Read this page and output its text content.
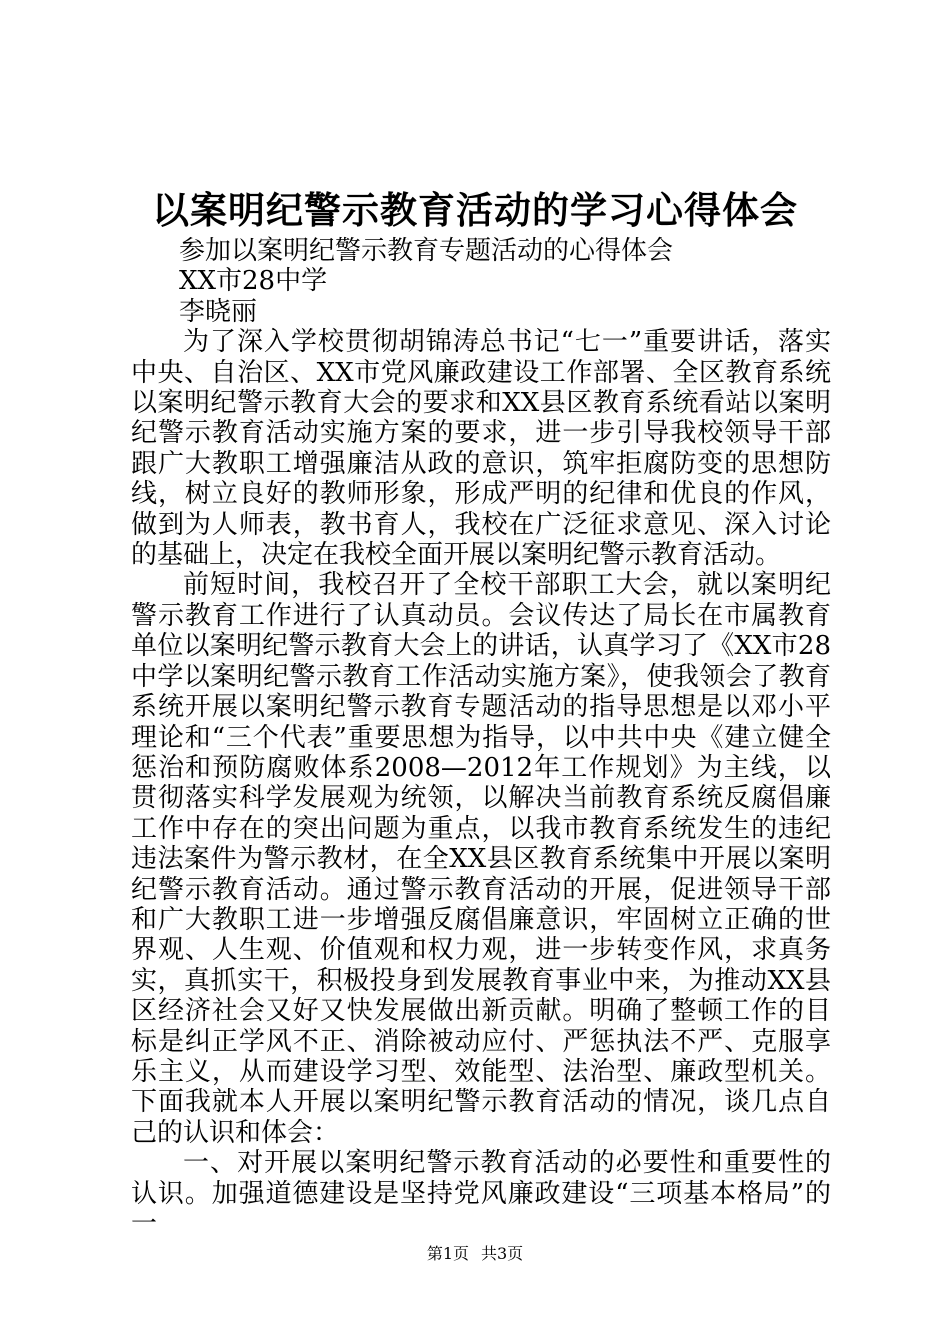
以案明纪警示教育活动的学习心得体会

参加以案明纪警示教育专题活动的心得体会

XX市28中学

李晓丽

为了深入学校贯彻胡锦涛总书记“七一”重要讲话，落实中央、自治区、XX市党风廉政建设工作部署、全区教育系统以案明纪警示教育大会的要求和XX县区教育系统看站以案明纪警示教育活动实施方案的要求，进一步引导我校领导干部跟广大教职工增强廉洁从政的意识，筑牢拒腐防变的思想防线，树立良好的教师形象，形成严明的纪律和优良的作风，做到为人师表，教书育人，我校在广泛征求意见、深入讨论的基础上，决定在我校全面开展以案明纪警示教育活动。

前短时间，我校召开了全校干部职工大会，就以案明纪警示教育工作进行了认真动员。会议传达了局长在市属教育单位以案明纪警示教育大会上的讲话，认真学习了《XX市28中学以案明纪警示教育工作活动实施方案》，使我领会了教育系统开展以案明纪警示教育专题活动的指导思想是以邓小平理论和“三个代表”重要思想为指导，以中共中央《建立健全惩治和预防腐败体系2008—2012年工作规划》为主线，以贯彻落实科学发展观为统领，以解决当前教育系统反腐倡廉工作中存在的突出问题为重点，以我市教育系统发生的违纪违法案件为警示教材，在全XX县区教育系统集中开展以案明纪警示教育活动。通过警示教育活动的开展，促进领导干部和广大教职工进一步增强反腐倡廉意识，牢固树立正确的世界观、人生观、价值观和权力观，进一步转变作风，求真务实，真抓实干，积极投身到发展教育事业中来，为推动XX县区经济社会又好又快发展做出新贡献。明确了整顿工作的目标是纠正学风不正、消除被动应付、严惩执法不严、克服享乐主义，从而建设学习型、效能型、法治型、廉政型机关。下面我就本人开展以案明纪警示教育活动的情况，谈几点自己的认识和体会：

一、对开展以案明纪警示教育活动的必要性和重要性的认识。加强道德建设是坚持党风廉政建设“三项基本格局”的一

第1页 共3页
